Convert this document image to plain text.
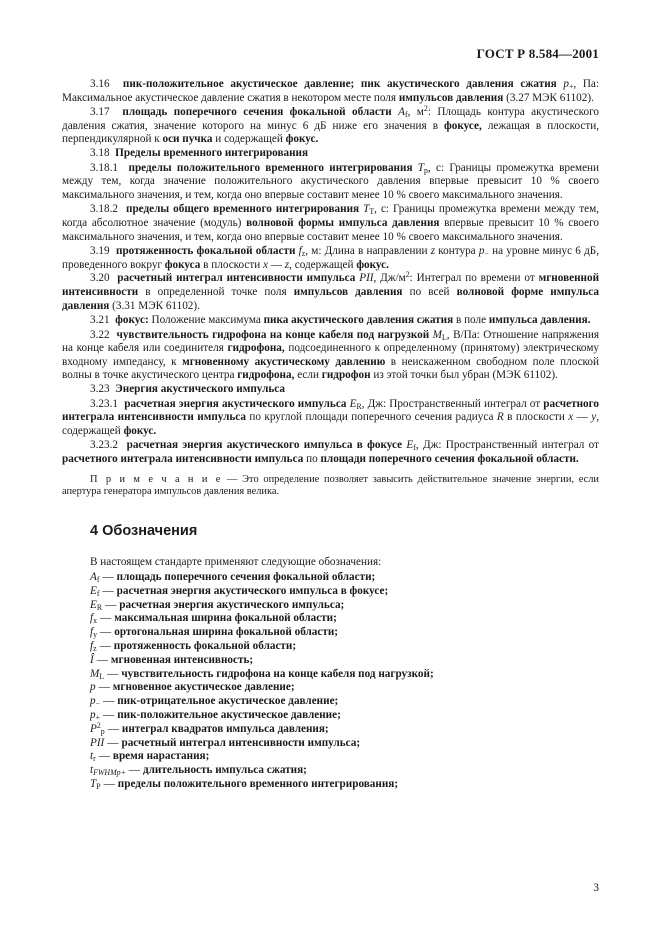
ГОСТ Р 8.584—2001

3.16 пик-положительное акустическое давление; пик акустического давления сжатия $p_+$, Па: Максимальное акустическое давление сжатия в некотором месте поля импульсов давления (3.27 МЭК 61102).

3.17 площадь поперечного сечения фокальной области $A_f$, $м^2$: Площадь контура акустического давления сжатия, значение которого на минус 6 дБ ниже его значения в фокусе, лежащая в плоскости, перпендикулярной к оси пучка и содержащей фокус.

3.18 Пределы временного интегрирования

3.18.1 пределы положительного временного интегрирования $T_p$, с: Границы промежутка времени между тем, когда значение положительного акустического давления впервые превысит 10 % своего максимального значения, и тем, когда оно впервые составит менее 10 % своего максимального значения.

3.18.2 пределы общего временного интегрирования $T_T$, с: Границы промежутка времени между тем, когда абсолютное значение (модуль) волновой формы импульса давления впервые превысит 10 % своего максимального значения, и тем, когда оно впервые составит менее 10 % своего максимального значения.

3.19 протяженность фокальной области $f_z$, м: Длина в направлении z контура $p_-$ на уровне минус 6 дБ, проведенного вокруг фокуса в плоскости x — z, содержащей фокус.

3.20 расчетный интеграл интенсивности импульса PII, $Дж/м^2$: Интеграл по времени от мгновенной интенсивности в определенной точке поля импульсов давления по всей волновой форме импульса давления (3.31 МЭК 61102).

3.21 фокус: Положение максимума пика акустического давления сжатия в поле импульса давления.

3.22 чувствительность гидрофона на конце кабеля под нагрузкой $M_L$, В/Па: Отношение напряжения на конце кабеля или соединителя гидрофона, подсоединенного к определенному (принятому) электрическому входному импедансу, к мгновенному акустическому давлению в неискаженном свободном поле плоской волны в точке акустического центра гидрофона, если гидрофон из этой точки был убран (МЭК 61102).

3.23 Энергия акустического импульса

3.23.1 расчетная энергия акустического импульса $E_R$, Дж: Пространственный интеграл от расчетного интеграла интенсивности импульса по круглой площади поперечного сечения радиуса R в плоскости x — y, содержащей фокус.

3.23.2 расчетная энергия акустического импульса в фокусе $E_f$, Дж: Пространственный интеграл от расчетного интеграла интенсивности импульса по площади поперечного сечения фокальной области.

П р и м е ч а н и е — Это определение позволяет завысить действительное значение энергии, если апертура генератора импульсов давления велика.

4 Обозначения

В настоящем стандарте применяют следующие обозначения:

$A_f$ — площадь поперечного сечения фокальной области;
$E_f$ — расчетная энергия акустического импульса в фокусе;
$E_R$ — расчетная энергия акустического импульса;
$f_x$ — максимальная ширина фокальной области;
$f_y$ — ортогональная ширина фокальной области;
$f_z$ — протяженность фокальной области;
Î — мгновенная интенсивность;
$M_L$ — чувствительность гидрофона на конце кабеля под нагрузкой;
p — мгновенное акустическое давление;
$p_-$ — пик-отрицательное акустическое давление;
$p_+$ — пик-положительное акустическое давление;
$P^2_p$ — интеграл квадратов импульса давления;
PII — расчетный интеграл интенсивности импульса;
$t_r$ — время нарастания;
$t_{FWHMp+}$ — длительность импульса сжатия;
$T_P$ — пределы положительного временного интегрирования;
3
